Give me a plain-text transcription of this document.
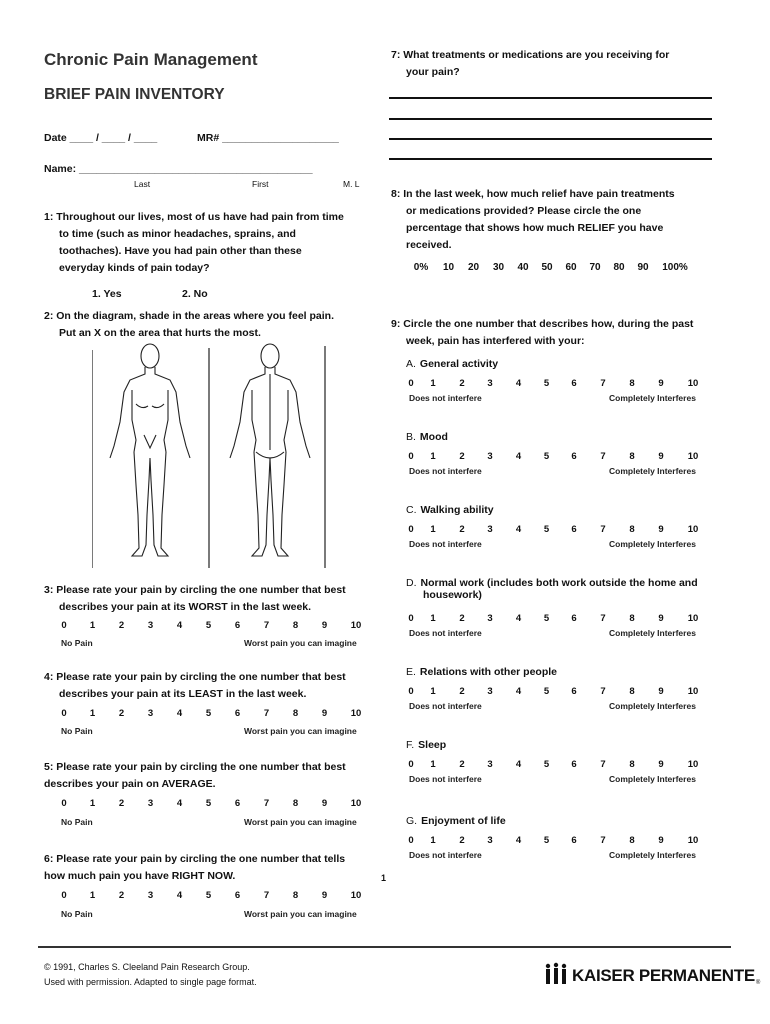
Chronic Pain Management
BRIEF PAIN INVENTORY
Date ____ / ____ / ____	MR# ____________________
Name: ________________________________________
Last	First	M. L
1: Throughout our lives, most of us have had pain from time
to time (such as minor headaches, sprains, and
toothaches). Have you had pain other than these
everyday kinds of pain today?
1. Yes	2. No
2: On the diagram, shade in the areas where you feel pain.
Put an X on the area that hurts the most.
3: Please rate your pain by circling the one number that best
describes your pain at its WORST in the last week.
0	1	2	3	4	5	6	7	8	9	10
No Pain	Worst pain you can imagine
4: Please rate your pain by circling the one number that best
describes your pain at its LEAST in the last week.
0	1	2	3	4	5	6	7	8	9	10
No Pain	Worst pain you can imagine
5: Please rate your pain by circling the one number that best
describes your pain on AVERAGE.
0	1	2	3	4	5	6	7	8	9	10
No Pain	Worst pain you can imagine
6: Please rate your pain by circling the one number that tells
how much pain you have RIGHT NOW.
0	1	2	3	4	5	6	7	8	9	10
No Pain	Worst pain you can imagine
1
7: What treatments or medications are you receiving for
your pain?
8: In the last week, how much relief have pain treatments
or medications provided? Please circle the one
percentage that shows how much RELIEF you have
received.
0%	10	20	30	40	50	60	70	80	90	100%
9: Circle the one number that describes how, during the past
week, pain has interfered with your:
A. General activity
0	1	2	3	4	5	6	7	8	9	10
Does not interfere	Completely Interferes
B. Mood
0	1	2	3	4	5	6	7	8	9	10
Does not interfere	Completely Interferes
C. Walking ability
0	1	2	3	4	5	6	7	8	9	10
Does not interfere	Completely Interferes
D. Normal work (includes both work outside the home and
housework)
0	1	2	3	4	5	6	7	8	9	10
Does not interfere	Completely Interferes
E. Relations with other people
0	1	2	3	4	5	6	7	8	9	10
Does not interfere	Completely Interferes
F. Sleep
0	1	2	3	4	5	6	7	8	9	10
Does not interfere	Completely Interferes
G. Enjoyment of life
0	1	2	3	4	5	6	7	8	9	10
Does not interfere	Completely Interferes
© 1991, Charles S. Cleeland Pain Research Group.
Used with permission. Adapted to single page format.	KAISER PERMANENTE ®
